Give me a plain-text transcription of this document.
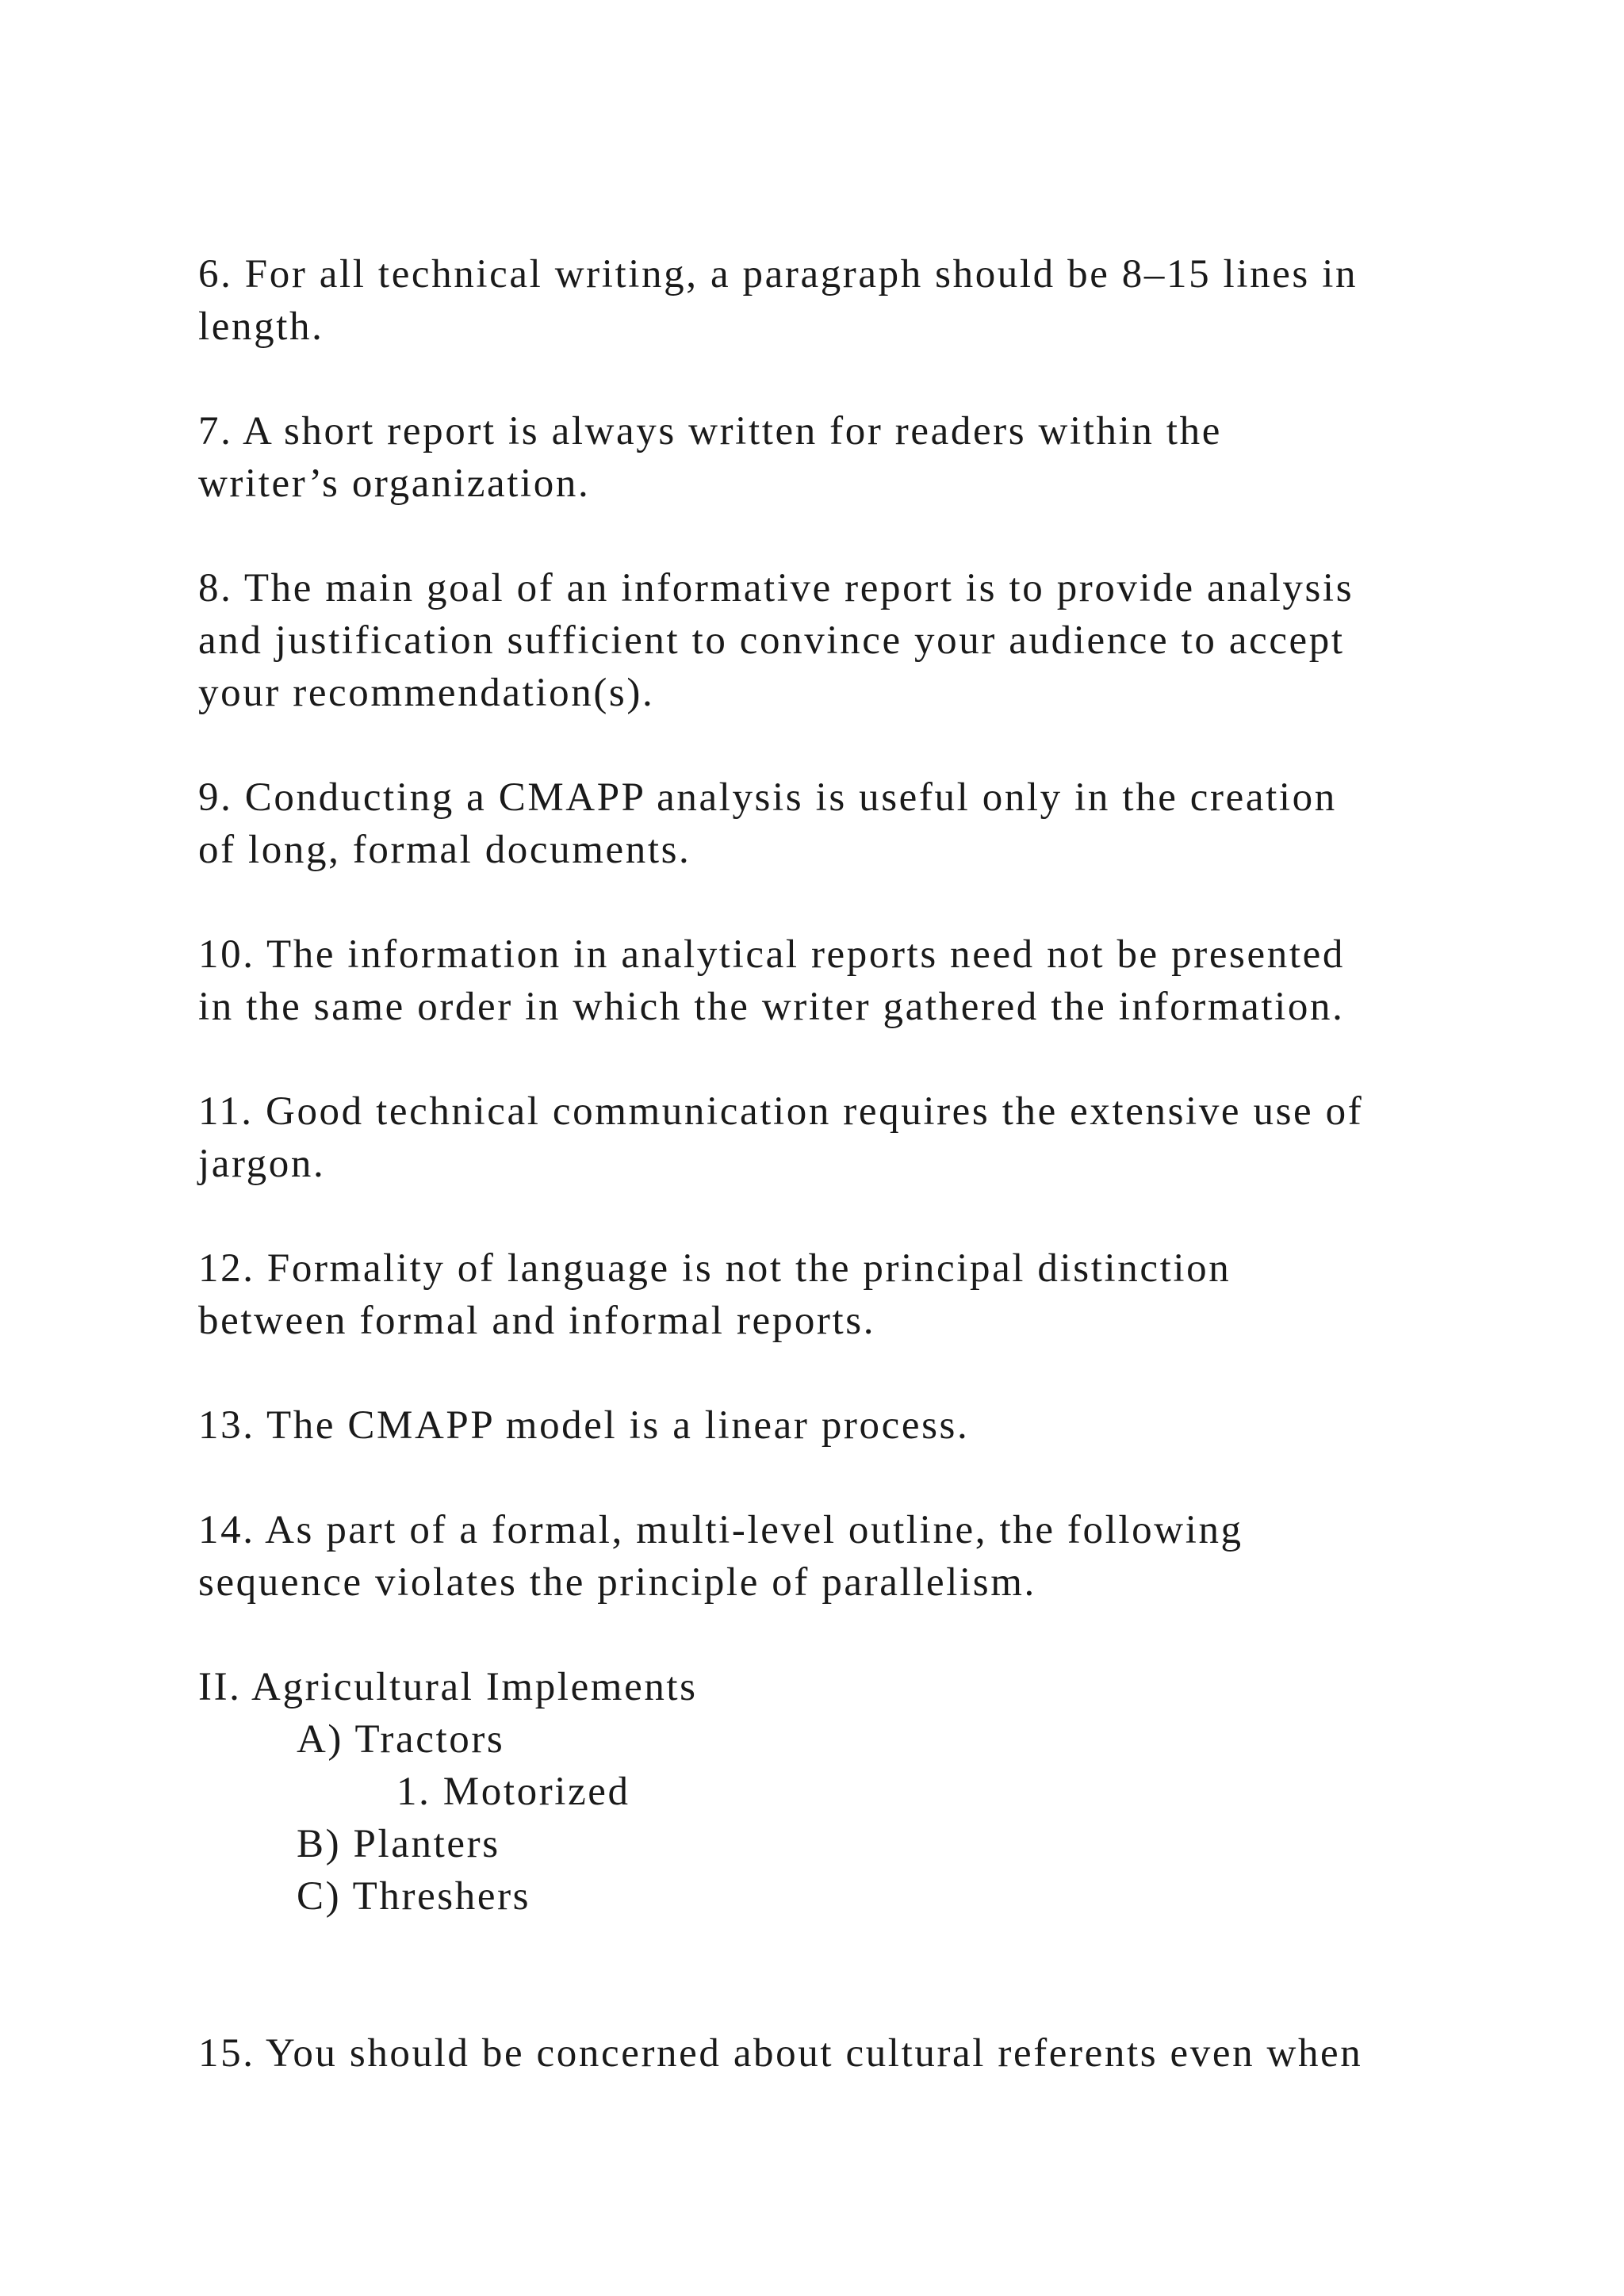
6. For all technical writing, a paragraph should be 8–15 lines in
length.
7. A short report is always written for readers within the
writer’s organization.
8. The main goal of an informative report is to provide analysis
and justification sufficient to convince your audience to accept
your recommendation(s).
9. Conducting a CMAPP analysis is useful only in the creation
of long, formal documents.
10. The information in analytical reports need not be presented
in the same order in which the writer gathered the information.
11. Good technical communication requires the extensive use of
jargon.
12. Formality of language is not the principal distinction
between formal and informal reports.
13. The CMAPP model is a linear process.
14. As part of a formal, multi-level outline, the following
sequence violates the principle of parallelism.
II. Agricultural Implements
A) Tractors
1. Motorized
B) Planters
C) Threshers
15. You should be concerned about cultural referents even when
